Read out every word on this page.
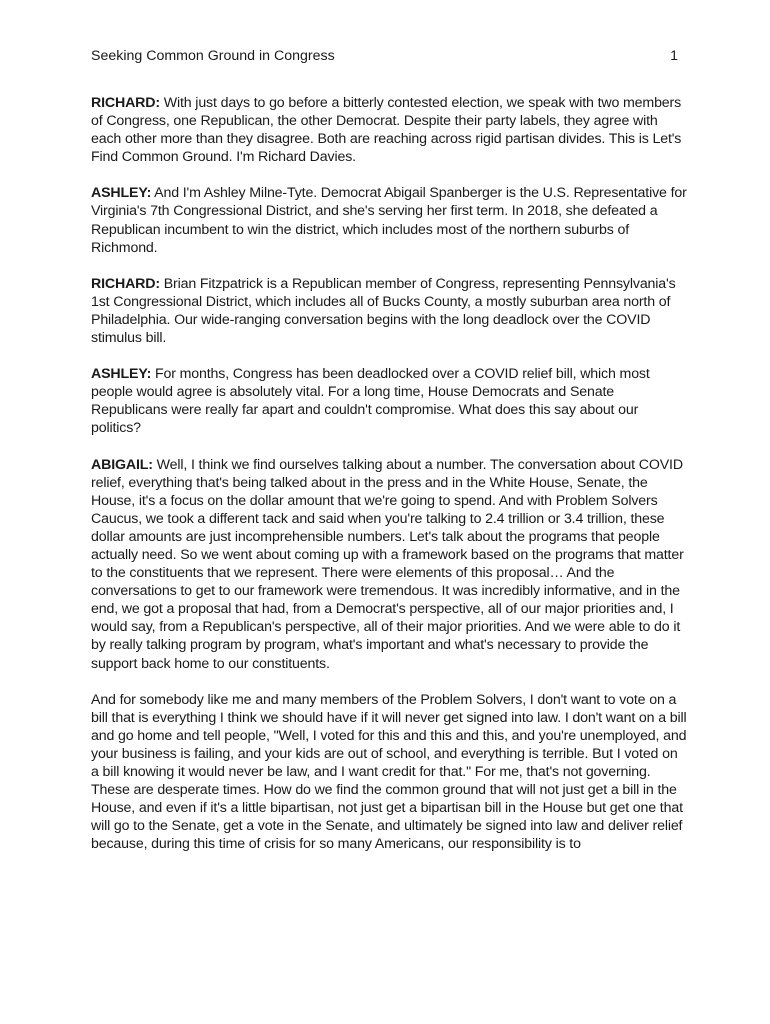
Seeking Common Ground in Congress	1

RICHARD: With just days to go before a bitterly contested election, we speak with two members of Congress, one Republican, the other Democrat. Despite their party labels, they agree with each other more than they disagree. Both are reaching across rigid partisan divides. This is Let's Find Common Ground. I'm Richard Davies.

ASHLEY: And I'm Ashley Milne-Tyte. Democrat Abigail Spanberger is the U.S. Representative for Virginia's 7th Congressional District, and she's serving her first term. In 2018, she defeated a Republican incumbent to win the district, which includes most of the northern suburbs of Richmond.

RICHARD: Brian Fitzpatrick is a Republican member of Congress, representing Pennsylvania's 1st Congressional District, which includes all of Bucks County, a mostly suburban area north of Philadelphia. Our wide-ranging conversation begins with the long deadlock over the COVID stimulus bill.

ASHLEY: For months, Congress has been deadlocked over a COVID relief bill, which most people would agree is absolutely vital. For a long time, House Democrats and Senate Republicans were really far apart and couldn't compromise. What does this say about our politics?

ABIGAIL: Well, I think we find ourselves talking about a number. The conversation about COVID relief, everything that's being talked about in the press and in the White House, Senate, the House, it's a focus on the dollar amount that we're going to spend. And with Problem Solvers Caucus, we took a different tack and said when you're talking to 2.4 trillion or 3.4 trillion, these dollar amounts are just incomprehensible numbers. Let's talk about the programs that people actually need. So we went about coming up with a framework based on the programs that matter to the constituents that we represent. There were elements of this proposal… And the conversations to get to our framework were tremendous. It was incredibly informative, and in the end, we got a proposal that had, from a Democrat's perspective, all of our major priorities and, I would say, from a Republican's perspective, all of their major priorities. And we were able to do it by really talking program by program, what's important and what's necessary to provide the support back home to our constituents.

And for somebody like me and many members of the Problem Solvers, I don't want to vote on a bill that is everything I think we should have if it will never get signed into law. I don't want on a bill and go home and tell people, "Well, I voted for this and this and this, and you're unemployed, and your business is failing, and your kids are out of school, and everything is terrible. But I voted on a bill knowing it would never be law, and I want credit for that." For me, that's not governing. These are desperate times. How do we find the common ground that will not just get a bill in the House, and even if it's a little bipartisan, not just get a bipartisan bill in the House but get one that will go to the Senate, get a vote in the Senate, and ultimately be signed into law and deliver relief because, during this time of crisis for so many Americans, our responsibility is to
